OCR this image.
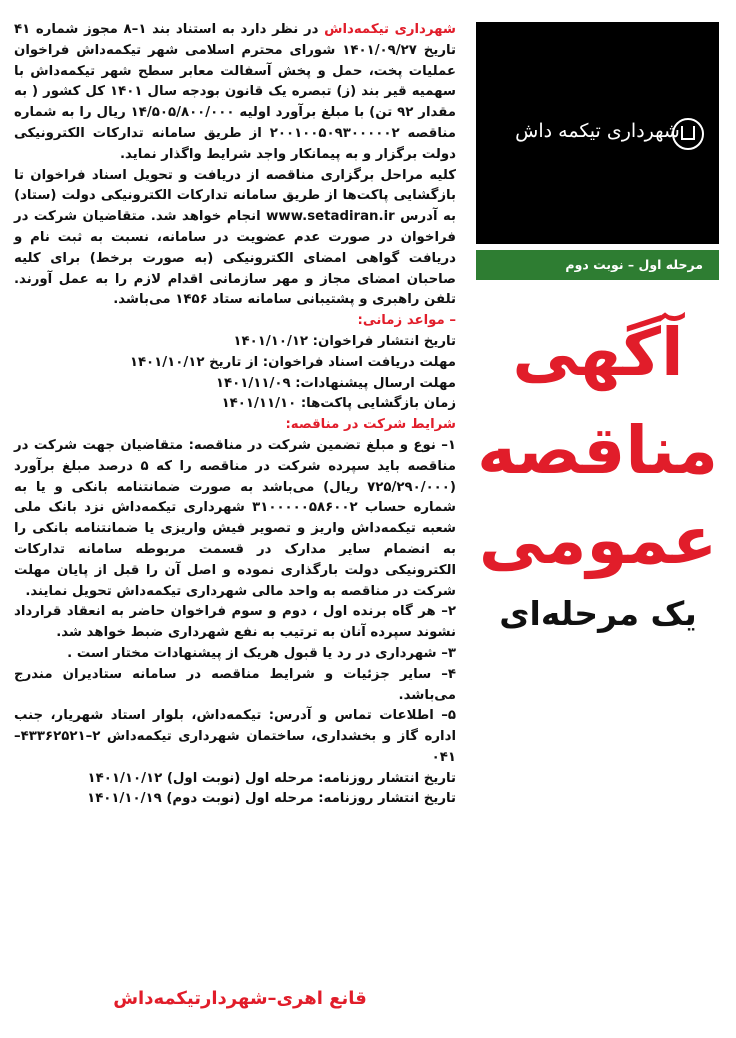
شهرداری تیکمه داش
مرحله اول – نوبت دوم
آگهی
مناقصه
عمومی
یک مرحله‌ای

شهرداری تیکمه‌داش در نظر دارد به استناد بند ۱–۸ مجوز شماره ۴۱ تاریخ ۱۴۰۱/۰۹/۲۷ شورای محترم اسلامی شهر تیکمه‌داش فراخوان عملیات پخت، حمل و پخش آسفالت معابر سطح شهر تیکمه‌داش با سهمیه قیر بند (ز) تبصره یک قانون بودجه سال ۱۴۰۱ کل کشور ( به مقدار ۹۲ تن) با مبلغ برآورد اولیه ۱۴/۵۰۵/۸۰۰/۰۰۰ ریال را به شماره مناقصه ۲۰۰۱۰۰۵۰۹۳۰۰۰۰۰۲ از طریق سامانه تدارکات الکترونیکی دولت برگزار و به پیمانکار واجد شرایط واگذار نماید.

کلیه مراحل برگزاری مناقصه از دریافت و تحویل اسناد فراخوان تا بازگشایی پاکت‌ها از طریق سامانه تدارکات الکترونیکی دولت (ستاد) به آدرس www.setadiran.ir انجام خواهد شد. متقاضیان شرکت در فراخوان در صورت عدم عضویت در سامانه، نسبت به ثبت نام و دریافت گواهی امضای الکترونیکی (به صورت برخط) برای کلیه صاحبان امضای مجاز و مهر سازمانی اقدام لازم را به عمل آورند. تلفن راهبری و پشتیبانی سامانه ستاد ۱۴۵۶ می‌باشد.

– مواعد زمانی:

تاریخ انتشار فراخوان: ۱۴۰۱/۱۰/۱۲

مهلت دریافت اسناد فراخوان: از تاریخ ۱۴۰۱/۱۰/۱۲

مهلت ارسال پیشنهادات: ۱۴۰۱/۱۱/۰۹

زمان بازگشایی پاکت‌ها: ۱۴۰۱/۱۱/۱۰

شرایط شرکت در مناقصه:

۱– نوع و مبلغ تضمین شرکت در مناقصه: متقاضیان جهت شرکت در مناقصه باید سپرده شرکت در مناقصه را که ۵ درصد مبلغ برآورد (۷۲۵/۲۹۰/۰۰۰ ریال) می‌باشد به صورت ضمانتنامه بانکی و یا به شماره حساب ۳۱۰۰۰۰۰۵۸۶۰۰۲ شهرداری تیکمه‌داش نزد بانک ملی شعبه تیکمه‌داش واریز و تصویر فیش واریزی یا ضمانتنامه بانکی را به انضمام سایر مدارک در قسمت مربوطه سامانه تدارکات الکترونیکی دولت بارگذاری نموده و اصل آن را قبل از پایان مهلت شرکت در مناقصه به واحد مالی شهرداری تیکمه‌داش تحویل نمایند.

۲– هر گاه برنده اول ، دوم و سوم فراخوان حاضر به انعقاد قرارداد نشوند سپرده آنان به ترتیب به نفع شهرداری ضبط خواهد شد.

۳– شهرداری در رد یا قبول هریک از پیشنهادات مختار است .

۴– سایر جزئیات و شرایط مناقصه در سامانه ستادیران مندرج می‌باشد.

۵– اطلاعات تماس و آدرس: تیکمه‌داش، بلوار استاد شهریار، جنب اداره گاز و بخشداری، ساختمان شهرداری تیکمه‌داش ۲–۴۳۳۶۲۵۲۱–۰۴۱

تاریخ انتشار روزنامه: مرحله اول (نوبت اول) ۱۴۰۱/۱۰/۱۲

تاریخ انتشار روزنامه: مرحله اول (نوبت دوم) ۱۴۰۱/۱۰/۱۹

قانع اهری–شهردارتیکمه‌داش
